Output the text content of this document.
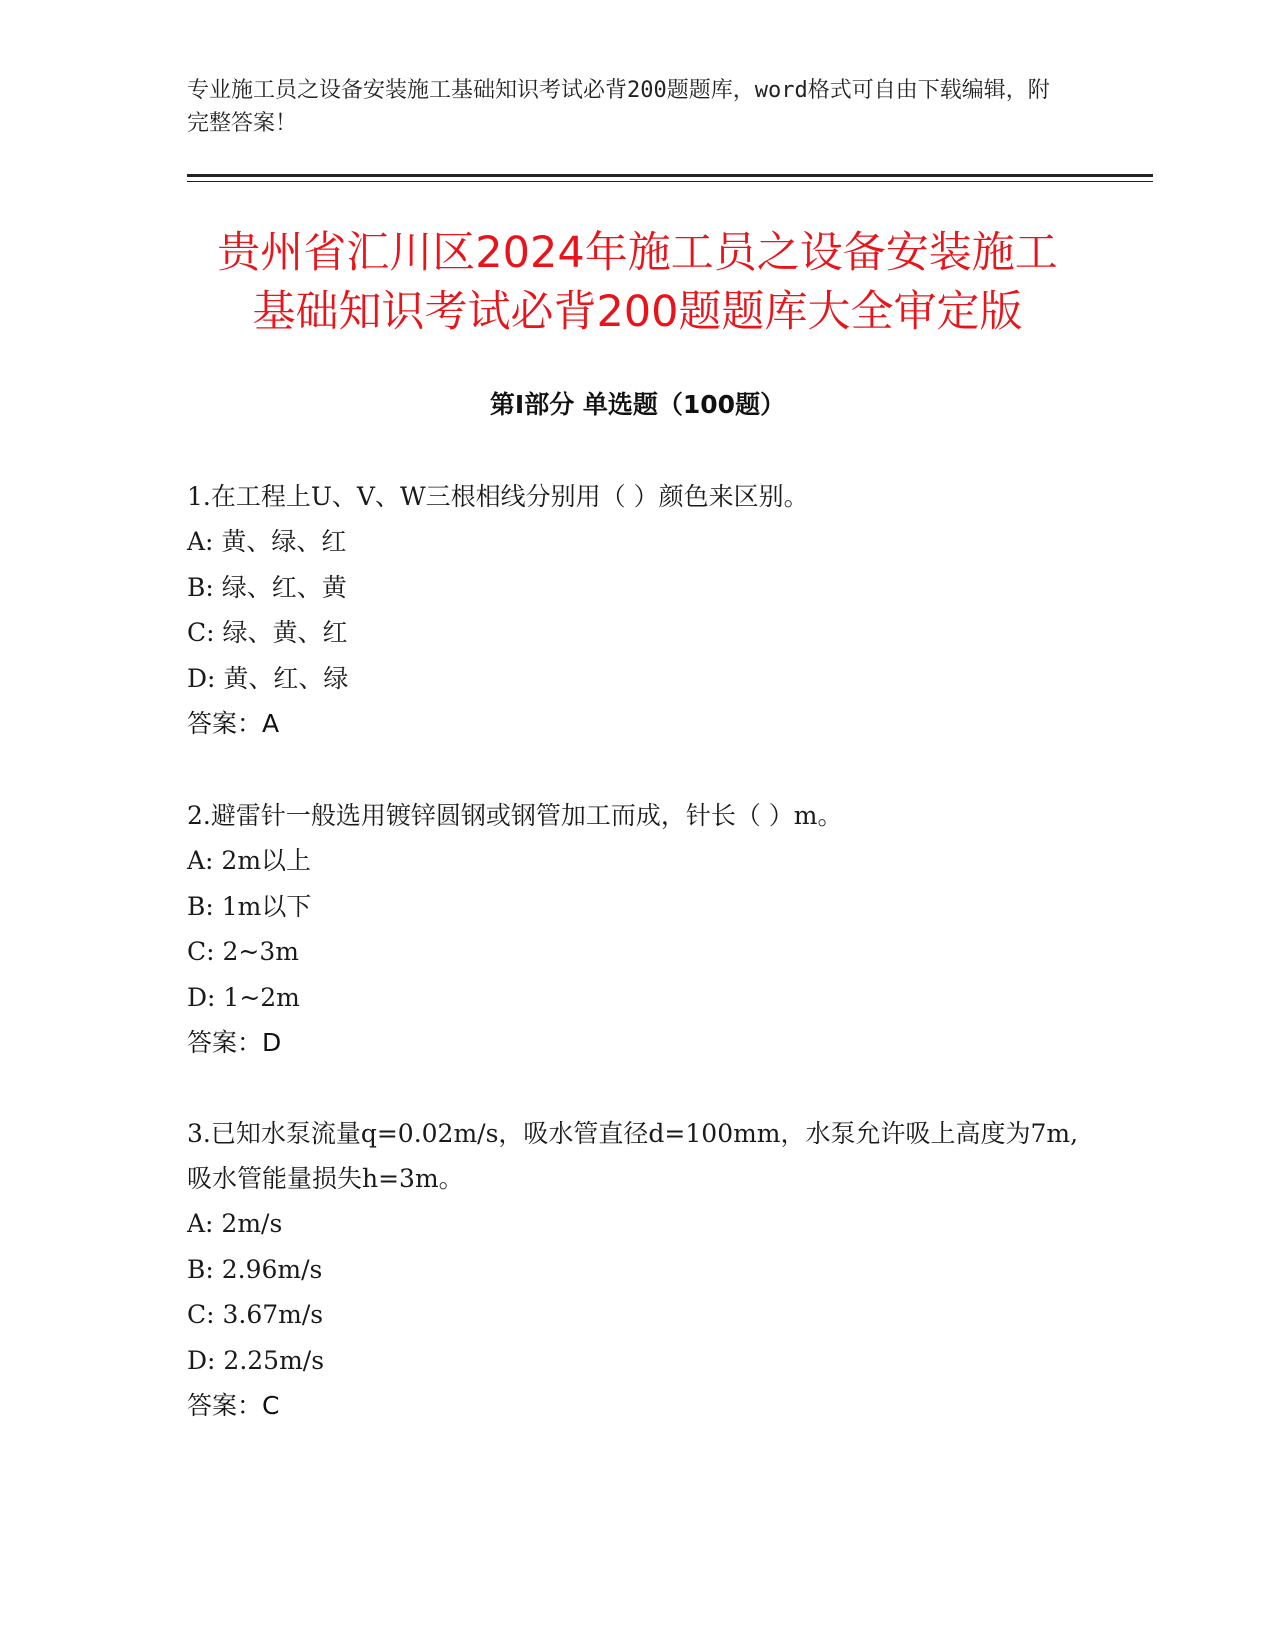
专业施工员之设备安装施工基础知识考试必背200题题库，word格式可自由下载编辑，附完整答案！

贵州省汇川区2024年施工员之设备安装施工
基础知识考试必背200题题库大全审定版
第Ⅰ部分 单选题（100题）

1.在工程上U、V、W三根相线分别用（ ）颜色来区别。

A: 黄、绿、红

B: 绿、红、黄

C: 绿、黄、红

D: 黄、红、绿

答案：A

2.避雷针一般选用镀锌圆钢或钢管加工而成，针长（ ）m。

A: 2m以上

B: 1m以下

C: 2~3m

D: 1~2m

答案：D

3.已知水泵流量q=0.02m/s，吸水管直径d=100mm，水泵允许吸上高度为7m,吸水管能量损失h=3m。

A: 2m/s

B: 2.96m/s

C: 3.67m/s

D: 2.25m/s

答案：C
